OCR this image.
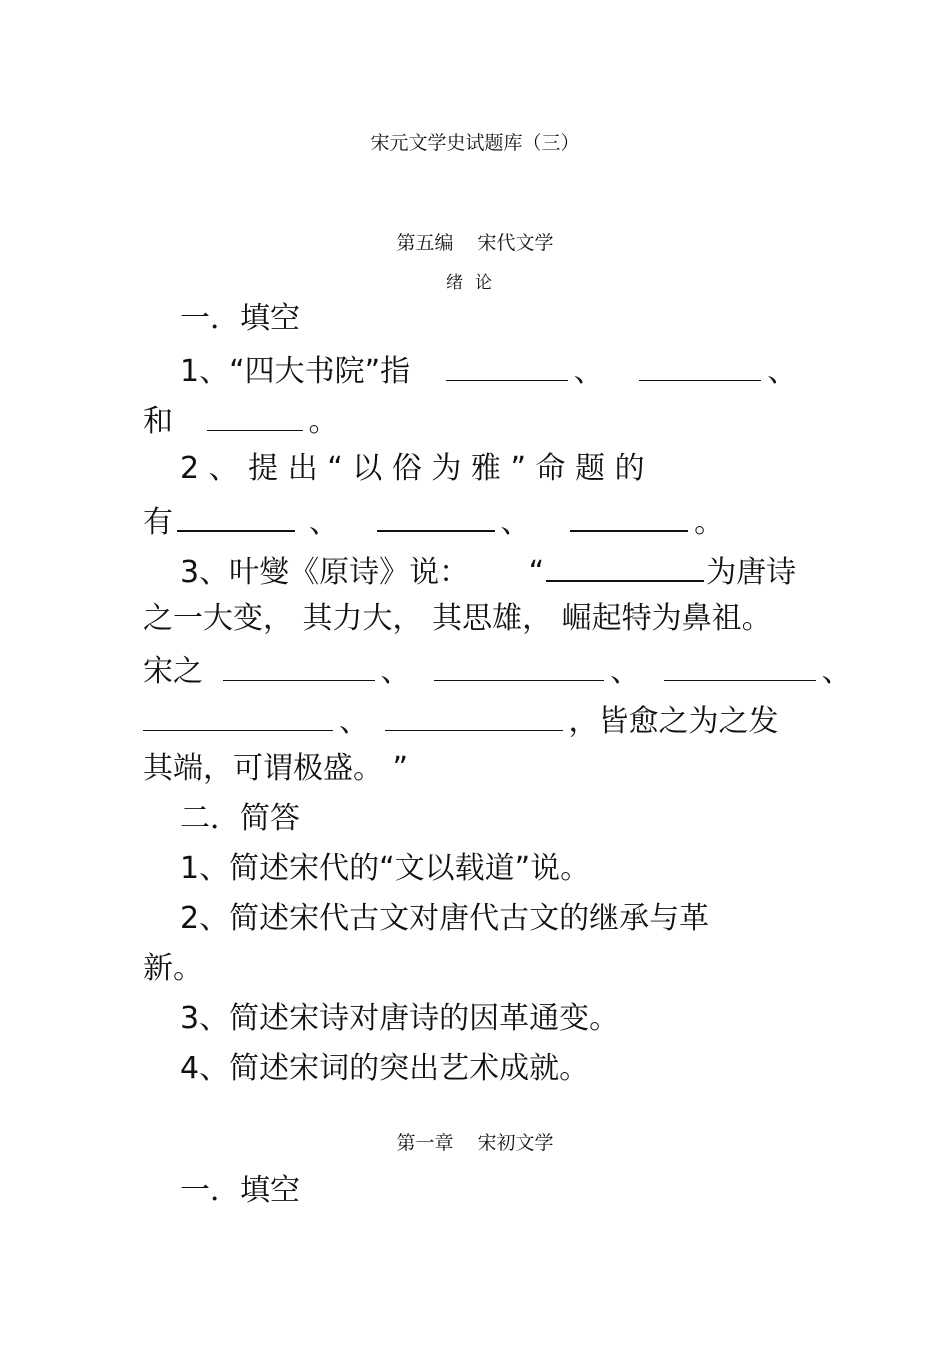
宋元文学史试题库（三）
第五编 宋代文学
绪论
一．填空
1、“四大书院”指	、	、
和	。
2 、 提 出 “ 以 俗 为 雅 ” 命 题 的
有	、	、	。
3、叶燮《原诗》说： “	为唐诗
之一大变， 其力大， 其思雄， 崛起特为鼻祖。
宋之	、	、	、
、	，皆愈之为之发
其端，可谓极盛。 ”
二．简答
1、简述宋代的“文以载道”说。
2、简述宋代古文对唐代古文的继承与革
新。
3、简述宋诗对唐诗的因革通变。
4、简述宋词的突出艺术成就。
第一章 宋初文学
一．填空
